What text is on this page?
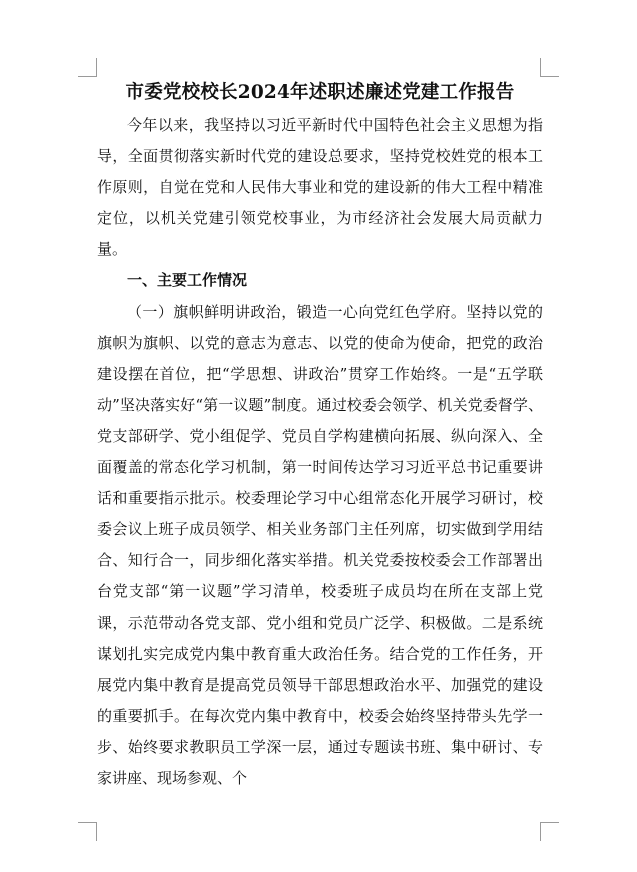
市委党校校长2024年述职述廉述党建工作报告

今年以来，我坚持以习近平新时代中国特色社会主义思想为指导，全面贯彻落实新时代党的建设总要求，坚持党校姓党的根本工作原则，自觉在党和人民伟大事业和党的建设新的伟大工程中精准定位，以机关党建引领党校事业，为市经济社会发展大局贡献力量。

一、主要工作情况

（一）旗帜鲜明讲政治，锻造一心向党红色学府。坚持以党的旗帜为旗帜、以党的意志为意志、以党的使命为使命，把党的政治建设摆在首位，把“学思想、讲政治”贯穿工作始终。一是“五学联动”坚决落实好“第一议题”制度。通过校委会领学、机关党委督学、党支部研学、党小组促学、党员自学构建横向拓展、纵向深入、全面覆盖的常态化学习机制，第一时间传达学习习近平总书记重要讲话和重要指示批示。校委理论学习中心组常态化开展学习研讨，校委会议上班子成员领学、相关业务部门主任列席，切实做到学用结合、知行合一，同步细化落实举措。机关党委按校委会工作部署出台党支部“第一议题”学习清单，校委班子成员均在所在支部上党课，示范带动各党支部、党小组和党员广泛学、积极做。二是系统谋划扎实完成党内集中教育重大政治任务。结合党的工作任务，开展党内集中教育是提高党员领导干部思想政治水平、加强党的建设的重要抓手。在每次党内集中教育中，校委会始终坚持带头先学一步、始终要求教职员工学深一层，通过专题读书班、集中研讨、专家讲座、现场参观、个
